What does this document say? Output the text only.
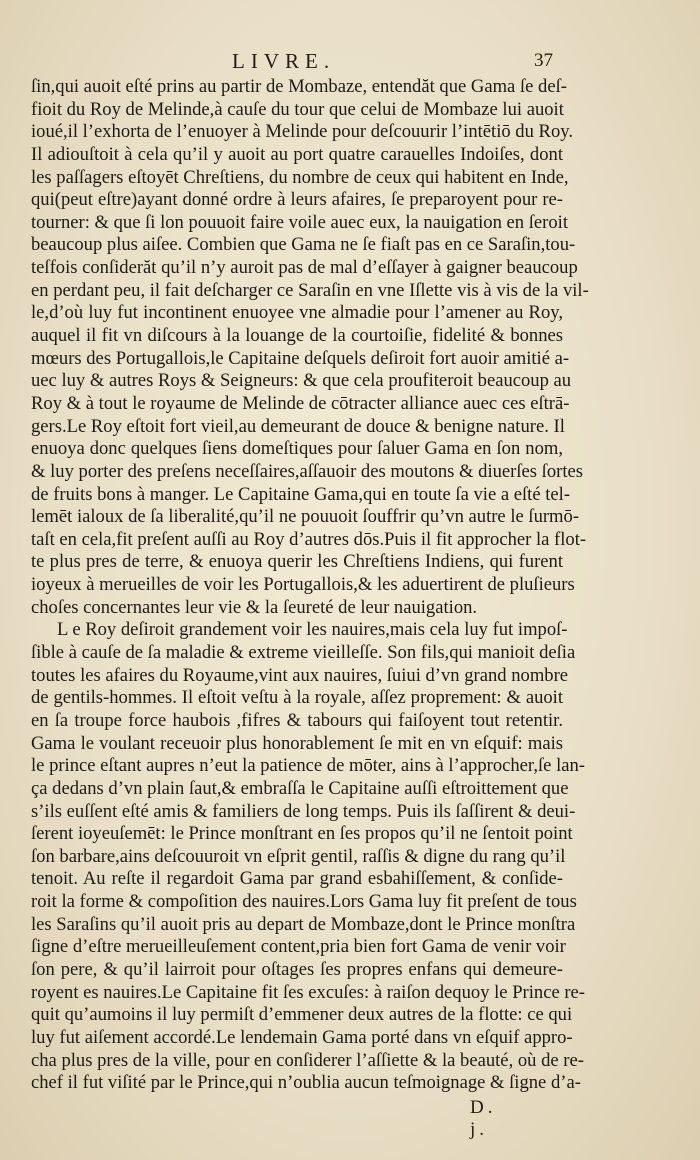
LIVRE.	37
ſin,qui auoit eſté prins au partir de Mombaze, entendăt que Gama ſe deſ-
fioit du Roy de Melinde,à cauſe du tour que celui de Mombaze lui auoit
ioué,il l’exhorta de l’enuoyer à Melinde pour deſcouurir l’intētiō du Roy.
Il adiouſtoit à cela qu’il y auoit au port quatre carauelles Indoiſes, dont
les paſſagers eſtoyēt Chreſtiens, du nombre de ceux qui habitent en Inde,
qui(peut eſtre)ayant donné ordre à leurs afaires, ſe preparoyent pour re-
tourner: & que ſi lon pouuoit faire voile auec eux, la nauigation en ſeroit
beaucoup plus aiſee. Combien que Gama ne ſe fiaſt pas en ce Saraſin,tou-
teſfois conſiderăt qu’il n’y auroit pas de mal d’eſſayer à gaigner beaucoup
en perdant peu, il fait deſcharger ce Saraſin en vne Iſlette vis à vis de la vil-
le,d’où luy fut incontinent enuoyee vne almadie pour l’amener au Roy,
auquel il fit vn diſcours à la louange de la courtoiſie, fidelité & bonnes
mœurs des Portugallois,le Capitaine deſquels deſiroit fort auoir amitié a-
uec luy & autres Roys & Seigneurs: & que cela proufiteroit beaucoup au
Roy & à tout le royaume de Melinde de cōtracter alliance auec ces eſtrā-
gers.Le Roy eſtoit fort vieil,au demeurant de douce & benigne nature. Il
enuoya donc quelques ſiens domeſtiques pour ſaluer Gama en ſon nom,
& luy porter des preſens neceſſaires,aſſauoir des moutons & diuerſes ſortes
de fruits bons à manger. Le Capitaine Gama,qui en toute ſa vie a eſté tel-
lemēt ialoux de ſa liberalité,qu’il ne pouuoit ſouffrir qu’vn autre le ſurmō-
taſt en cela,fit preſent auſſi au Roy d’autres dōs.Puis il fit approcher la flot-
te plus pres de terre, & enuoya querir les Chreſtiens Indiens, qui furent
ioyeux à merueilles de voir les Portugallois,& les aduertirent de pluſieurs
choſes concernantes leur vie & la ſeureté de leur nauigation.
L e Roy deſiroit grandement voir les nauires,mais cela luy fut impoſ-
ſible à cauſe de ſa maladie & extreme vieilleſſe. Son fils,qui manioit deſia
toutes les afaires du Royaume,vint aux nauires, ſuiui d’vn grand nombre
de gentils-hommes. Il eſtoit veſtu à la royale, aſſez proprement: & auoit
en ſa troupe force haubois ,fifres & tabours qui faiſoyent tout retentir.
Gama le voulant receuoir plus honorablement ſe mit en vn eſquif: mais
le prince eſtant aupres n’eut la patience de mōter, ains à l’approcher,ſe lan-
ça dedans d’vn plain ſaut,& embraſſa le Capitaine auſſi eſtroittement que
s’ils euſſent eſté amis & familiers de long temps. Puis ils ſaſſirent & deui-
ſerent ioyeuſemēt: le Prince monſtrant en ſes propos qu’il ne ſentoit point
ſon barbare,ains deſcouuroit vn eſprit gentil, raſſis & digne du rang qu’il
tenoit. Au reſte il regardoit Gama par grand esbahiſſement, & conſide-
roit la forme & compoſition des nauires.Lors Gama luy fit preſent de tous
les Saraſins qu’il auoit pris au depart de Mombaze,dont le Prince monſtra
ſigne d’eſtre merueilleuſement content,pria bien fort Gama de venir voir
ſon pere, & qu’il lairroit pour oſtages ſes propres enfans qui demeure-
royent es nauires.Le Capitaine fit ſes excuſes: à raiſon dequoy le Prince re-
quit qu’aumoins il luy permiſt d’emmener deux autres de la flotte: ce qui
luy fut aiſement accordé.Le lendemain Gama porté dans vn eſquif appro-
cha plus pres de la ville, pour en conſiderer l’aſſiette & la beauté, où de re-
chef il fut viſité par le Prince,qui n’oublia aucun teſmoignage & ſigne d’a-
D. j.
